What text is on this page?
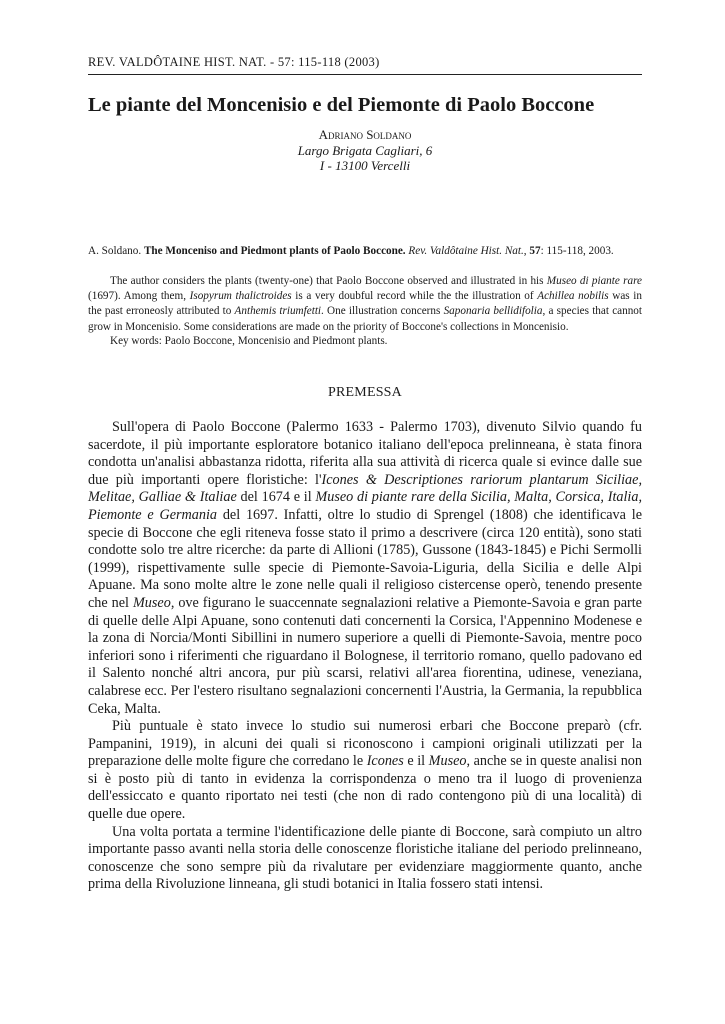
REV. VALDÔTAINE HIST. NAT. - 57: 115-118 (2003)
Le piante del Moncenisio e del Piemonte di Paolo Boccone
Adriano Soldano
Largo Brigata Cagliari, 6
I - 13100 Vercelli
A. Soldano. The Monceniso and Piedmont plants of Paolo Boccone. Rev. Valdôtaine Hist. Nat., 57: 115-118, 2003.
The author considers the plants (twenty-one) that Paolo Boccone observed and illustrated in his Museo di piante rare (1697). Among them, Isopyrum thalictroides is a very doubful record while the the illustration of Achillea nobilis was in the past erroneosly attributed to Anthemis triumfetti. One illustration concerns Saponaria bellidifolia, a species that cannot grow in Moncenisio. Some considerations are made on the priority of Boccone's collections in Moncenisio.
Key words: Paolo Boccone, Moncenisio and Piedmont plants.
PREMESSA

Sull'opera di Paolo Boccone (Palermo 1633 - Palermo 1703), divenuto Silvio quando fu sacerdote, il più importante esploratore botanico italiano dell'epoca prelinneana, è stata finora condotta un'analisi abbastanza ridotta, riferita alla sua attività di ricerca quale si evince dalle sue due più importanti opere floristiche: l'Icones & Descriptiones rariorum plantarum Siciliae, Melitae, Galliae & Italiae del 1674 e il Museo di piante rare della Sicilia, Malta, Corsica, Italia, Piemonte e Germania del 1697. Infatti, oltre lo studio di Sprengel (1808) che identificava le specie di Boccone che egli riteneva fosse stato il primo a descrivere (circa 120 entità), sono stati condotte solo tre altre ricerche: da parte di Allioni (1785), Gussone (1843-1845) e Pichi Sermolli (1999), rispettivamente sulle specie di Piemonte-Savoia-Liguria, della Sicilia e delle Alpi Apuane. Ma sono molte altre le zone nelle quali il religioso cistercense operò, tenendo presente che nel Museo, ove figurano le suaccennate segnalazioni relative a Piemonte-Savoia e gran parte di quelle delle Alpi Apuane, sono contenuti dati concernenti la Corsica, l'Appennino Modenese e la zona di Norcia/Monti Sibillini in numero superiore a quelli di Piemonte-Savoia, mentre poco inferiori sono i riferimenti che riguardano il Bolognese, il territorio romano, quello padovano ed il Salento nonché altri ancora, pur più scarsi, relativi all'area fiorentina, udinese, veneziana, calabrese ecc. Per l'estero risultano segnalazioni concernenti l'Austria, la Germania, la repubblica Ceka, Malta.

Più puntuale è stato invece lo studio sui numerosi erbari che Boccone preparò (cfr. Pampanini, 1919), in alcuni dei quali si riconoscono i campioni originali utilizzati per la preparazione delle molte figure che corredano le Icones e il Museo, anche se in queste analisi non si è posto più di tanto in evidenza la corrispondenza o meno tra il luogo di provenienza dell'essiccato e quanto riportato nei testi (che non di rado contengono più di una località) di quelle due opere.

Una volta portata a termine l'identificazione delle piante di Boccone, sarà compiuto un altro importante passo avanti nella storia delle conoscenze floristiche italiane del periodo prelinneano, conoscenze che sono sempre più da rivalutare per evidenziare maggiormente quanto, anche prima della Rivoluzione linneana, gli studi botanici in Italia fossero stati intensi.
